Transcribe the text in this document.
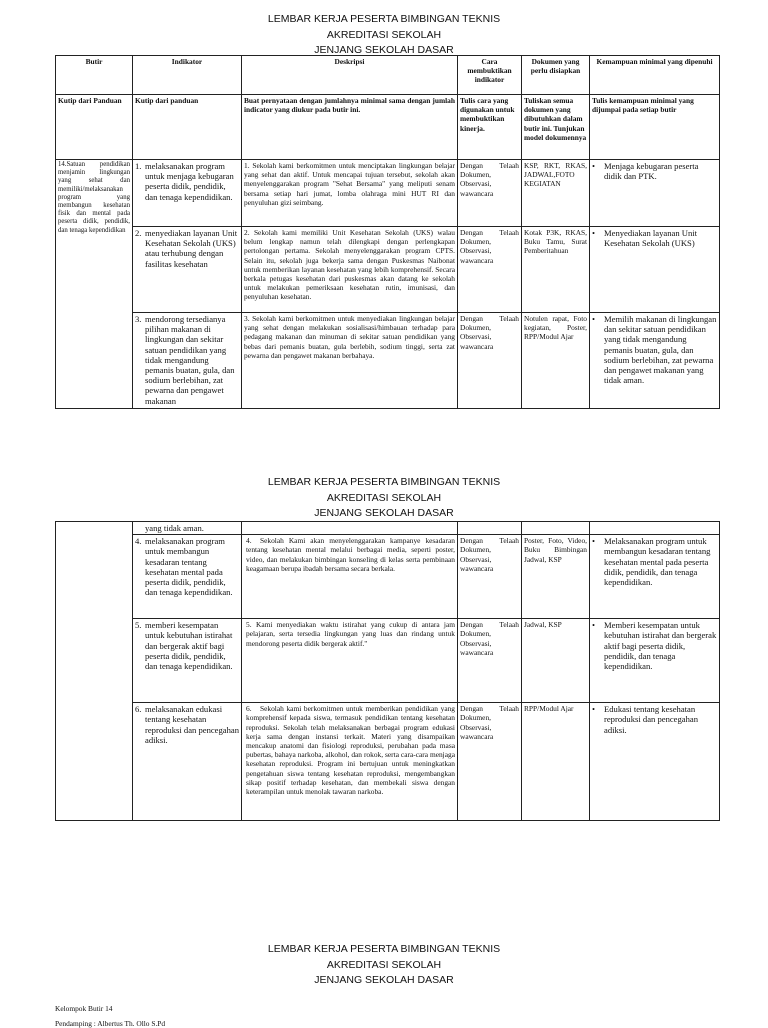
LEMBAR KERJA PESERTA BIMBINGAN TEKNIS
AKREDITASI SEKOLAH
JENJANG SEKOLAH DASAR
Butir	Indikator	Deskripsi	Cara membuktikan indikator	Dokumen yang perlu disiapkan	Kemampuan minimal yang dipenuhi
Kutip dari Panduan	Kutip dari panduan	Buat pernyataan dengan jumlahnya minimal sama dengan jumlah indicator yang diukur pada butir ini.	Tulis cara yang digunakan untuk membuktikan kinerja.	Tuliskan semua dokumen yang dibutuhkan dalam butir ini. Tunjukan model dokumennya	Tulis kemampuan minimal yang dijumpai pada setiap butir
14.Satuan pendidikan menjamin lingkungan yang sehat dan memiliki/melaksanakan program yang membangun kesehatan fisik dan mental pada peserta didik, pendidik, dan tenaga kependidikan	1. melaksanakan program untuk menjaga kebugaran peserta didik, pendidik, dan tenaga kependidikan.	1. Sekolah kami berkomitmen untuk menciptakan lingkungan belajar yang sehat dan aktif. Untuk mencapai tujuan tersebut, sekolah akan menyelenggarakan program "Sehat Bersama" yang meliputi senam bersama setiap hari jumat, lomba olahraga mini HUT RI dan penyuluhan gizi seimbang.	Dengan Telaah Dokumen, Observasi, wawancara	KSP, RKT, RKAS, JADWAL,FOTO KEGIATAN	• Menjaga kebugaran peserta didik dan PTK.

	2. menyediakan layanan Unit Kesehatan Sekolah (UKS) atau terhubung dengan fasilitas kesehatan	2. Sekolah kami memiliki Unit Kesehatan Sekolah (UKS) walau belum lengkap namun telah dilengkapi dengan perlengkapan pertolongan pertama. Sekolah menyelenggarakan program CPTS. Selain itu, sekolah juga bekerja sama dengan Puskesmas Naibonat untuk memberikan layanan kesehatan yang lebih komprehensif. Secara berkala petugas kesehatan dari puskesmas akan datang ke sekolah untuk melakukan pemeriksaan kesehatan rutin, imunisasi, dan penyuluhan kesehatan.	Dengan Telaah Dokumen, Observasi, wawancara	Kotak P3K, RKAS, Buku Tamu, Surat Pemberitahuan	• Menyediakan layanan Unit Kesehatan Sekolah (UKS)

	3. mendorong tersedianya pilihan makanan di lingkungan dan sekitar satuan pendidikan yang tidak mengandung pemanis buatan, gula, dan sodium berlebihan, zat pewarna dan pengawet makanan	3. Sekolah kami berkomitmen untuk menyediakan lingkungan belajar yang sehat dengan melakukan sosialisasi/himbauan terhadap para pedagang makanan dan minuman di sekitar satuan pendidikan yang bebas dari pemanis buatan, gula berlebih, sodium tinggi, serta zat pewarna dan pengawet makanan berbahaya.	Dengan Telaah Dokumen, Observasi, wawancara	Notulen rapat, Foto kegiatan, Poster, RPP/Modul Ajar	• Memilih makanan di lingkungan dan sekitar satuan pendidikan yang tidak mengandung pemanis buatan, gula, dan sodium berlebihan, zat pewarna dan pengawet makanan yang tidak aman.
LEMBAR KERJA PESERTA BIMBINGAN TEKNIS
AKREDITASI SEKOLAH
JENJANG SEKOLAH DASAR
	yang tidak aman.				
	4. melaksanakan program untuk membangun kesadaran tentang kesehatan mental pada peserta didik, pendidik, dan tenaga kependidikan.	4. Sekolah Kami akan menyelenggarakan kampanye kesadaran tentang kesehatan mental melalui berbagai media, seperti poster, video, dan melakukan bimbingan konseling di kelas serta pembinaan keagamaan berupa ibadah bersama secara berkala.	Dengan Telaah Dokumen, Observasi, wawancara	Poster, Foto, Video, Buku Bimbingan Jadwal, KSP	• Melaksanakan program untuk membangun kesadaran tentang kesehatan mental pada peserta didik, pendidik, dan tenaga kependidikan.

	5. memberi kesempatan untuk kebutuhan istirahat dan bergerak aktif bagi peserta didik, pendidik, dan tenaga kependidikan.	5. Kami menyediakan waktu istirahat yang cukup di antara jam pelajaran, serta tersedia lingkungan yang luas dan rindang untuk mendorong peserta didik bergerak aktif."	Dengan Telaah Dokumen, Observasi, wawancara	Jadwal, KSP	• Memberi kesempatan untuk kebutuhan istirahat dan bergerak aktif bagi peserta didik, pendidik, dan tenaga kependidikan.

	6. melaksanakan edukasi tentang kesehatan reproduksi dan pencegahan adiksi.	6. Sekolah kami berkomitmen untuk memberikan pendidikan yang komprehensif kepada siswa, termasuk pendidikan tentang kesehatan reproduksi. Sekolah telah melaksanakan berbagai program edukasi kerja sama dengan instansi terkait. Materi yang disampaikan mencakup anatomi dan fisiologi reproduksi, perubahan pada masa pubertas, bahaya narkoba, alkohol, dan rokok, serta cara-cara menjaga kesehatan reproduksi. Program ini bertujuan untuk meningkatkan pengetahuan siswa tentang kesehatan reproduksi, mengembangkan sikap positif terhadap kesehatan, dan membekali siswa dengan keterampilan untuk menolak tawaran narkoba.	Dengan Telaah Dokumen, Observasi, wawancara	RPP/Modul Ajar	• Edukasi tentang kesehatan reproduksi dan pencegahan adiksi.
LEMBAR KERJA PESERTA BIMBINGAN TEKNIS
AKREDITASI SEKOLAH
JENJANG SEKOLAH DASAR
Kelompok Butir 14
Pendamping : Albertus Th. Ollo S.Pd
